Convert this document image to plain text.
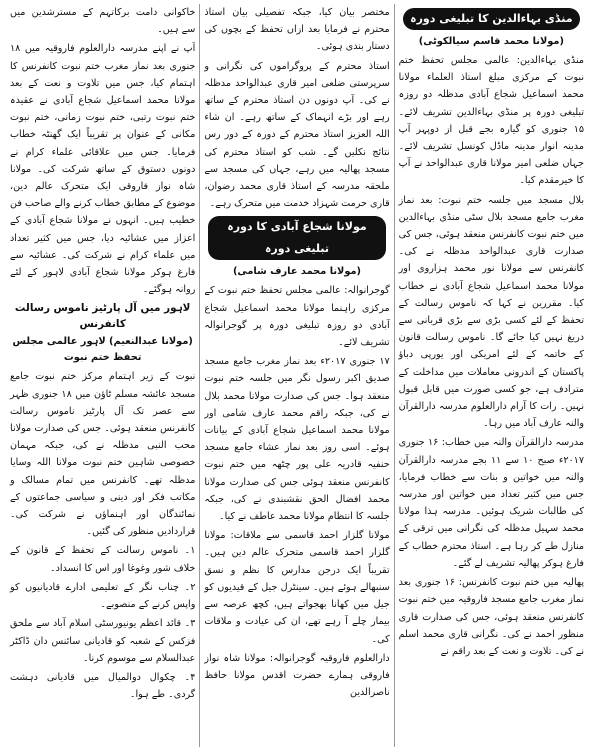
منڈی بہاءالدین کا تبلیغی دورہ
(مولانا محمد قاسم سیالکوٹی)

منڈی بہاءالدین: عالمی مجلس تحفظ ختم نبوت کے مرکزی مبلغ استاذ العلماء مولانا محمد اسماعیل شجاع آبادی مدظلہ دو روزہ تبلیغی دورہ پر منڈی بہاءالدین تشریف لائے۔ ۱۵ جنوری کو گیارہ بجے قبل از دوپہر آپ مدینہ انوار مدینہ ماڈل کونسل تشریف لائے۔ جہاں ضلعی امیر مولانا قاری عبدالواحد نے آپ کا خیرمقدم کیا۔

بلال مسجد میں جلسہ ختم نبوت: بعد نماز مغرب جامع مسجد بلال سٹی منڈی بہاءالدین میں ختم نبوت کانفرنس منعقد ہوئی، جس کی صدارت قاری عبدالواحد مدظلہ نے کی۔ کانفرنس سے مولانا نور محمد ہزاروی اور مولانا محمد اسماعیل شجاع آبادی نے خطاب کیا۔ مقررین نے کہا کہ ناموس رسالت کے تحفظ کے لئے کسی بڑی سے بڑی قربانی سے دریغ نہیں کیا جائے گا۔ ناموس رسالت قانون کے خاتمہ کے لئے امریکی اور یورپی دباؤ پاکستان کے اندرونی معاملات میں مداخلت کے مترادف ہے، جو کسی صورت میں قابل قبول نہیں۔ رات کا آرام دارالعلوم مدرسہ دارالقرآن والنہ عارف آباد میں رہا۔

مدرسہ دارالقرآن والنہ میں خطاب: ۱۶ جنوری ۲۰۱۷ء صبح ۱۰ سے ۱۱ بجے مدرسہ دارالقرآن والنہ میں خواتین و بنات سے خطاب فرمایا، جس میں کثیر تعداد میں خواتین اور مدرسہ کی طالبات شریک ہوئیں۔ مدرسہ ہذا مولانا محمد سہیل مدظلہ کی نگرانی میں ترقی کے منازل طے کر رہا ہے۔ استاذ محترم خطاب کے فارغ ہوکر پھالیہ تشریف لے گئے۔

پھالیہ میں ختم نبوت کانفرنس: ۱۶ جنوری بعد نماز مغرب جامع مسجد فاروقیہ میں ختم نبوت کانفرنس منعقد ہوئی، جس کی صدارت قاری منظور احمد نے کی۔ نگرانی قاری محمد اسلم نے کی۔ تلاوت و نعت کے بعد راقم نے

مختصر بیان کیا، جبکہ تفصیلی بیان استاذ محترم نے فرمایا بعد ازاں تحفظ کے بچوں کی دستار بندی ہوئی۔

استاذ محترم کے پروگراموں کی نگرانی و سرپرستی ضلعی امیر قاری عبدالواحد مدظلہ نے کی۔ آپ دونوں دن استاذ محترم کے ساتھ رہے اور بڑے انہماک کے ساتھ رہے۔ ان شاء اللہ العزیز استاذ محترم کے دورہ کے دور رس نتائج نکلیں گے۔ شب کو استاذ محترم کی مسجد پھالیہ میں رہے، جہاں کی مسجد سے ملحقہ مدرسہ کے استاذ قاری محمد رضوان، قاری حرمت شہزاد خدمت میں متحرک رہے۔

مولانا شجاع آبادی کا دورہ تبلیغی دورہ
(مولانا محمد عارف شامی)

گوجرانوالہ: عالمی مجلس تحفظ ختم نبوت کے مرکزی راہنما مولانا محمد اسماعیل شجاع آبادی دو روزہ تبلیغی دورہ پر گوجرانوالہ تشریف لائے۔

۱۷ جنوری ۲۰۱۷ء بعد نماز مغرب جامع مسجد صدیق اکبر رسول نگر میں جلسہ ختم نبوت منعقد ہوا۔ جس کی صدارت مولانا محمد بلال نے کی، جبکہ راقم محمد عارف شامی اور مولانا محمد اسماعیل شجاع آبادی کے بیانات ہوئے۔ اسی روز بعد نماز عشاء جامع مسجد حنفیہ قادریہ علی پور چٹھہ میں ختم نبوت کانفرنس منعقد ہوئی جس کی صدارت مولانا محمد افضال الحق نقشبندی نے کی، جبکہ جلسہ کا انتظام مولانا محمد عاطف نے کیا۔

مولانا گلزار احمد قاسمی سے ملاقات: مولانا گلزار احمد قاسمی متحرک عالم دین ہیں۔ تقریباً ایک درجن مدارس کا نظم و نسق سنبھالے ہوئے ہیں۔ سینٹرل جیل کے قیدیوں کو جیل میں کھانا بھجواتے ہیں، کچھ عرصہ سے بیمار چلے آ رہے تھے، ان کی عیادت و ملاقات کی۔

دارالعلوم فاروقیہ گوجرانوالہ: مولانا شاہ نواز فاروقی ہمارے حضرت اقدس مولانا حافظ ناصرالدین

خاکوانی دامت برکاتہم کے مسترشدین میں سے ہیں۔

آپ نے اپنے مدرسہ دارالعلوم فاروقیہ میں ۱۸ جنوری بعد نماز مغرب ختم نبوت کانفرنس کا اہتمام کیا، جس میں تلاوت و نعت کے بعد مولانا محمد اسماعیل شجاع آبادی نے عقیدہ ختم نبوت رتبی، ختم نبوت زمانی، ختم نبوت مکانی کے عنوان پر تقریباً ایک گھنٹہ خطاب فرمایا۔ جس میں علاقائی علماء کرام نے دونوں دستوق کے ساتھ شرکت کی۔ مولانا شاہ نواز فاروقی ایک متحرک عالم دین، موضوع کے مطابق خطاب کرنے والے صاحب فن خطیب ہیں۔ انہوں نے مولانا شجاع آبادی کے اعزاز میں عشائیہ دیا، جس میں کثیر تعداد میں علماء کرام نے شرکت کی۔ عشائیہ سے فارغ ہوکر مولانا شجاع آبادی لاہور کے لئے روانہ ہوگئے۔

لاہور میں آل پارٹیز ناموس رسالت کانفرنس
(مولانا عبدالنعیم) لاہور عالمی مجلس تحفظ ختم نبوت

نبوت کے زیر اہتمام مرکز ختم نبوت جامع مسجد عائشہ مسلم ٹاؤن میں ۱۸ جنوری ظہر سے عصر تک آل پارٹیز ناموس رسالت کانفرنس منعقد ہوئی۔ جس کی صدارت مولانا محب النبی مدظلہ نے کی، جبکہ مہمان خصوصی شاہین ختم نبوت مولانا اللہ وسایا مدظلہ تھے۔ کانفرنس میں تمام مسالک و مکاتب فکر اور دینی و سیاسی جماعتوں کے نمائندگان اور اہنماؤں نے شرکت کی۔ قراردادیں منظور کی گئیں۔

۱۔ ناموس رسالت کے تحفظ کے قانون کے خلاف شور وغوغا اور اس کا انسداد۔

۲۔ چناب نگر کے تعلیمی ادارے قادیانیوں کو واپس کرنے کے منصوبے۔

۳۔ قائد اعظم یونیورسٹی اسلام آباد سے ملحق فزکس کے شعبہ کو قادیانی سائنس دان ڈاکٹر عبدالسلام سے موسوم کرنا۔

۴۔ چکوال دوالمیال میں قادیانی دہشت گردی۔ طے ہوا۔
